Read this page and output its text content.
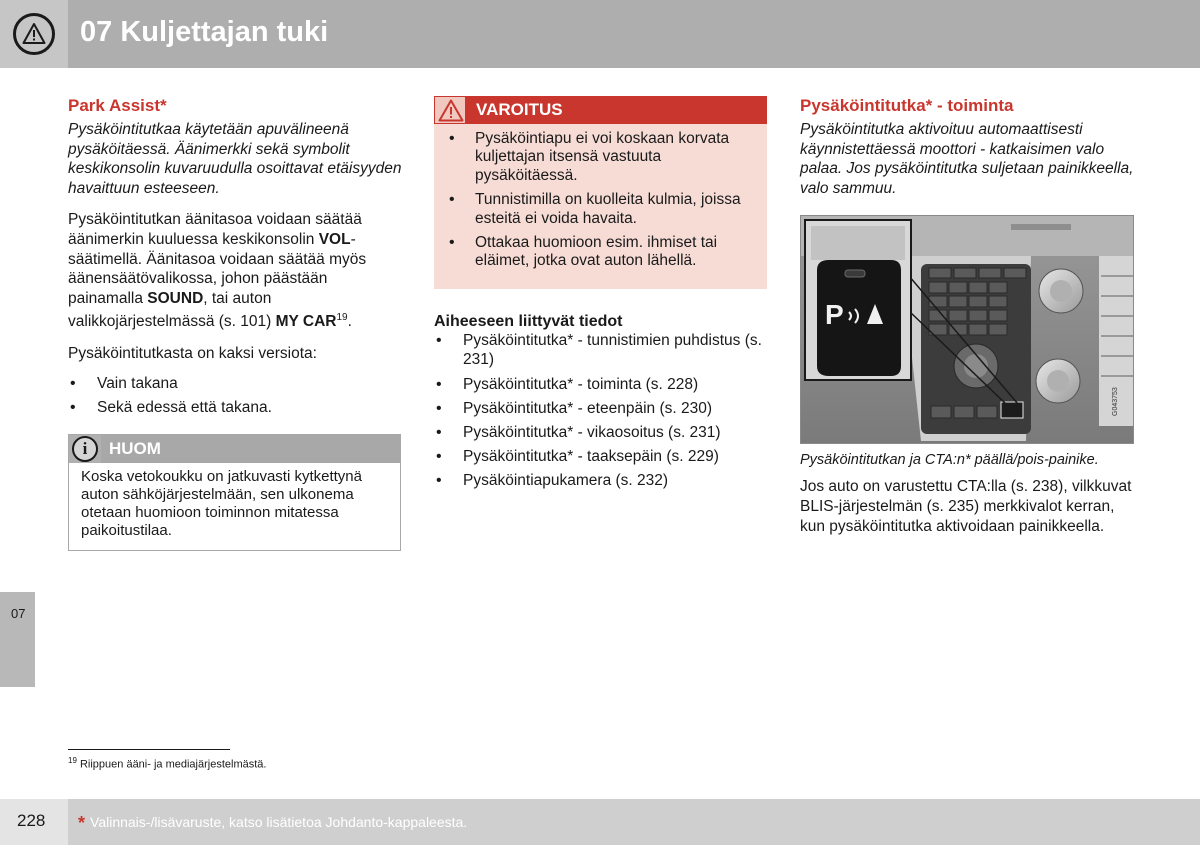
07 Kuljettajan tuki
07
Park Assist*
Pysäköintitutkaa käytetään apuvälineenä pysäköitäessä. Äänimerkki sekä symbolit keskikonsolin kuvaruudulla osoittavat etäisyyden havaittuun esteeseen.
Pysäköintitutkan äänitasoa voidaan säätää äänimerkin kuuluessa keskikonsolin VOL-säätimellä. Äänitasoa voidaan säätää myös äänensäätövalikossa, johon päästään painamalla SOUND, tai auton valikkojärjestelmässä (s. 101) MY CAR$^{19}$.
Pysäköintitutkasta on kaksi versiota:
• Vain takana
• Sekä edessä että takana.
i	HUOM
Koska vetokoukku on jatkuvasti kytkettynä auton sähköjärjestelmään, sen ulkonema otetaan huomioon toiminnon mitatessa paikoitustilaa.
VAROITUS
• Pysäköintiapu ei voi koskaan korvata kuljettajan itsensä vastuuta pysäköitäessä.
• Tunnistimilla on kuolleita kulmia, joissa esteitä ei voida havaita.
• Ottakaa huomioon esim. ihmiset tai eläimet, jotka ovat auton lähellä.
Aiheeseen liittyvät tiedot
• Pysäköintitutka* - tunnistimien puhdistus (s. 231)
• Pysäköintitutka* - toiminta (s. 228)
• Pysäköintitutka* - eteenpäin (s. 230)
• Pysäköintitutka* - vikaosoitus (s. 231)
• Pysäköintitutka* - taaksepäin (s. 229)
• Pysäköintiapukamera (s. 232)
Pysäköintitutka* - toiminta
Pysäköintitutka aktivoituu automaattisesti käynnistettäessä moottori - katkaisimen valo palaa. Jos pysäköintitutka suljetaan painikkeella, valo sammuu.
P
G043753
Pysäköintitutkan ja CTA:n* päällä/pois-painike.
Jos auto on varustettu CTA:lla (s. 238), vilkkuvat BLIS-järjestelmän (s. 235) merkkivalot kerran, kun pysäköintitutka aktivoidaan painikkeella.
$^{19}$ Riippuen ääni- ja mediajärjestelmästä.
228 * Valinnais-/lisävaruste, katso lisätietoa Johdanto-kappaleesta.
